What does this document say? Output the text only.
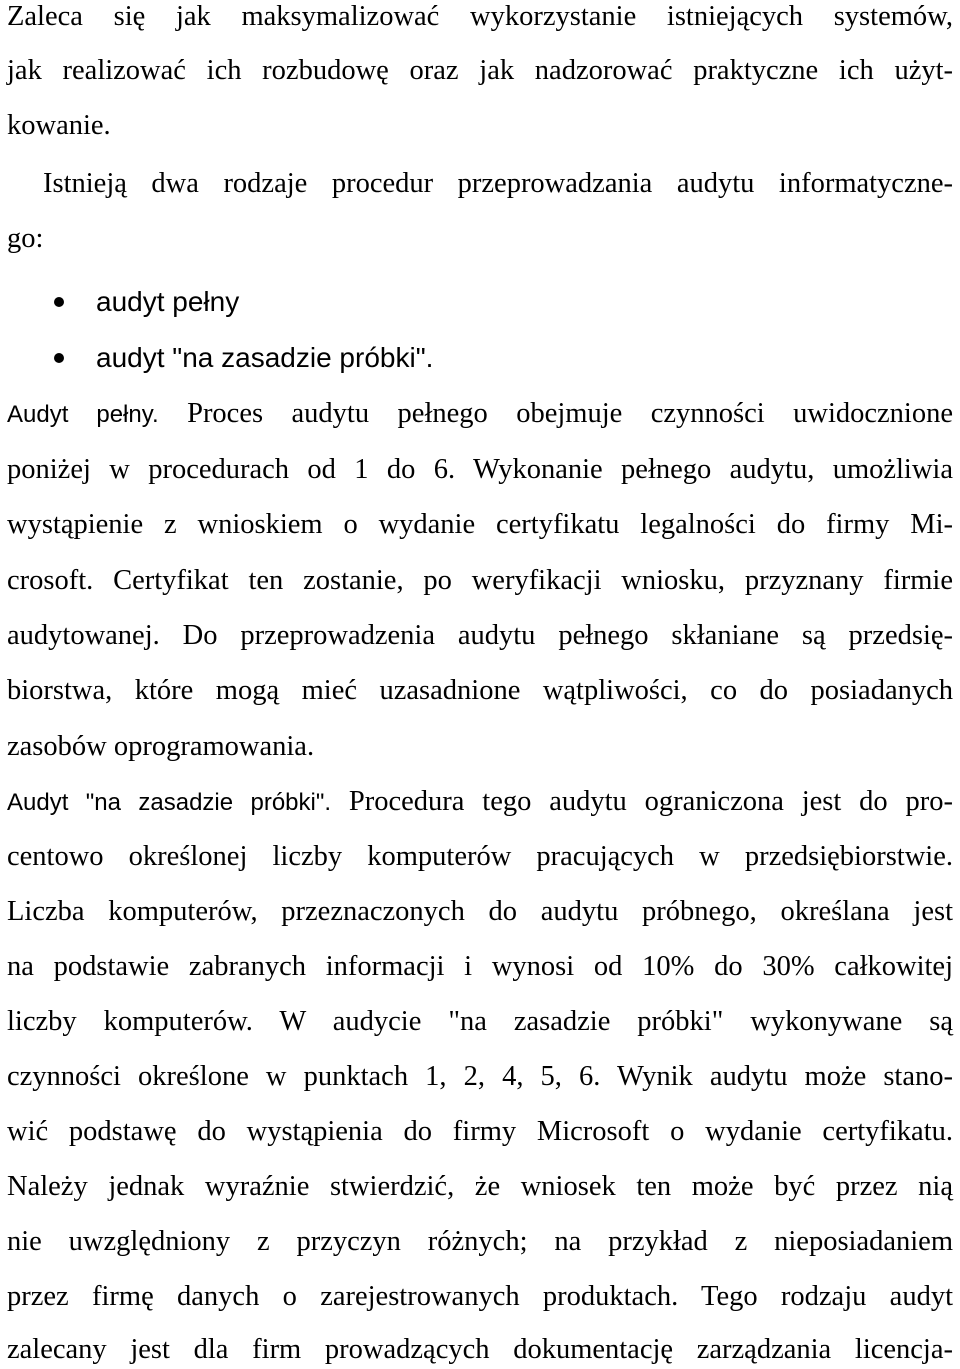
Zaleca się jak maksymalizować wykorzystanie istniejących systemów,
jak realizować ich rozbudowę oraz jak nadzorować praktyczne ich użyt-
kowanie.
Istnieją dwa rodzaje procedur przeprowadzania audytu informatyczne-
go:
audyt pełny
audyt "na zasadzie próbki".
Audyt pełny. Proces audytu pełnego obejmuje czynności uwidocznione
poniżej w procedurach od 1 do 6. Wykonanie pełnego audytu, umożliwia
wystąpienie z wnioskiem o wydanie certyfikatu legalności do firmy Mi-
crosoft. Certyfikat ten zostanie, po weryfikacji wniosku, przyznany firmie
audytowanej. Do przeprowadzenia audytu pełnego skłaniane są przedsię-
biorstwa, które mogą mieć uzasadnione wątpliwości, co do posiadanych
zasobów oprogramowania.
Audyt "na zasadzie próbki". Procedura tego audytu ograniczona jest do pro-
centowo określonej liczby komputerów pracujących w przedsiębiorstwie.
Liczba komputerów, przeznaczonych do audytu próbnego, określana jest
na podstawie zabranych informacji i wynosi od 10% do 30% całkowitej
liczby komputerów. W audycie "na zasadzie próbki" wykonywane są
czynności określone w punktach 1, 2, 4, 5, 6. Wynik audytu może stano-
wić podstawę do wystąpienia do firmy Microsoft o wydanie certyfikatu.
Należy jednak wyraźnie stwierdzić, że wniosek ten może być przez nią
nie uwzględniony z przyczyn różnych; na przykład z nieposiadaniem
przez firmę danych o zarejestrowanych produktach. Tego rodzaju audyt
zalecany jest dla firm prowadzących dokumentację zarządzania licencja-
